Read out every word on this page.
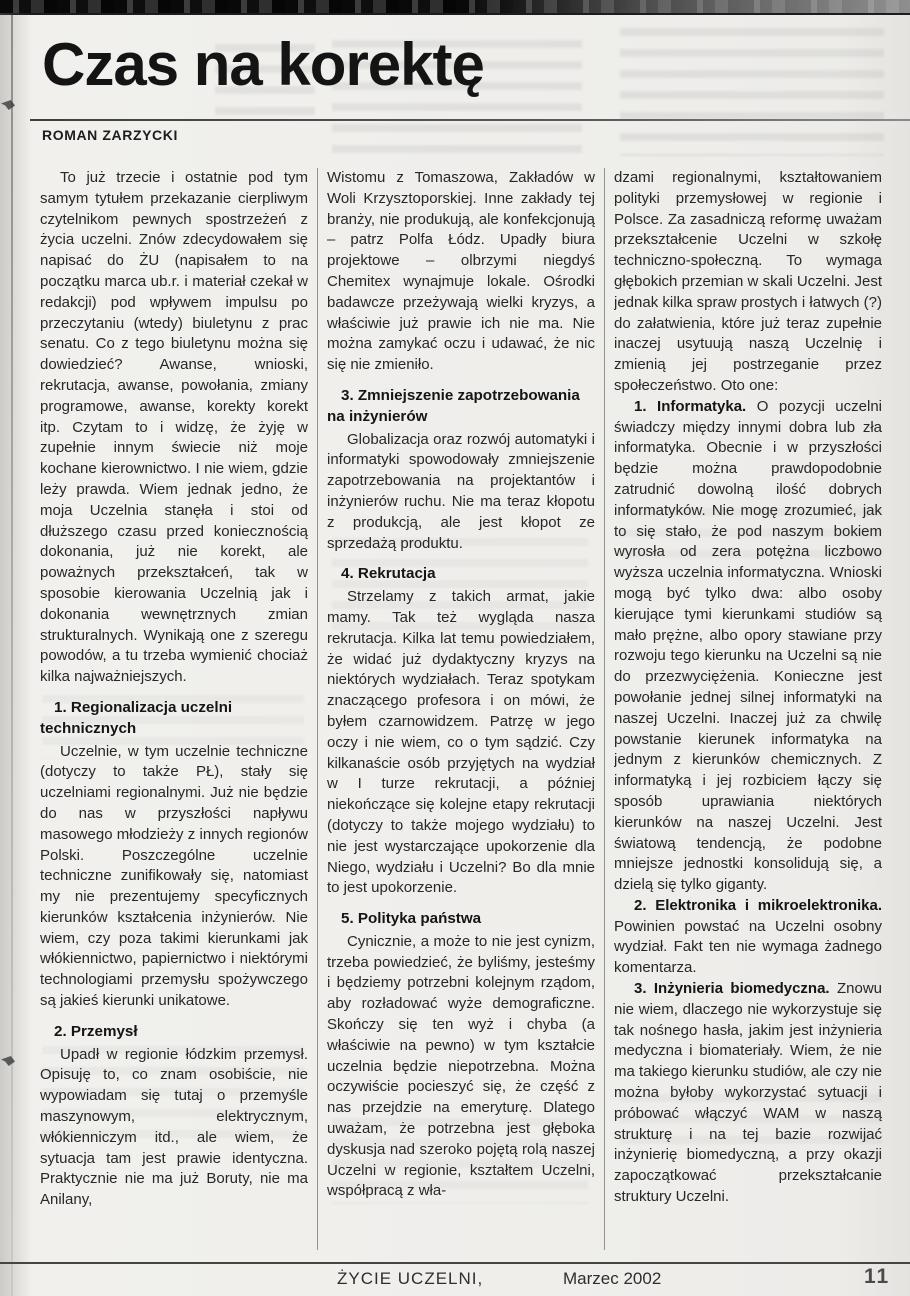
Czas na korektę
ROMAN ZARZYCKI

To już trzecie i ostatnie pod tym samym tytułem przekazanie cierpliwym czytelnikom pewnych spostrzeżeń z życia uczelni. Znów zdecydowałem się napisać do ŻU (napisałem to na początku marca ub.r. i materiał czekał w redakcji) pod wpływem impulsu po przeczytaniu (wtedy) biuletynu z prac senatu. Co z tego biuletynu można się dowiedzieć? Awanse, wnioski, rekrutacja, awanse, powołania, zmiany programowe, awanse, korekty korekt itp. Czytam to i widzę, że żyję w zupełnie innym świecie niż moje kochane kierownictwo. I nie wiem, gdzie leży prawda. Wiem jednak jedno, że moja Uczelnia stanęła i stoi od dłuższego czasu przed koniecznością dokonania, już nie korekt, ale poważnych przekształceń, tak w sposobie kierowania Uczelnią jak i dokonania wewnętrznych zmian strukturalnych. Wynikają one z szeregu powodów, a tu trzeba wymienić chociaż kilka najważniejszych.

1. Regionalizacja uczelni technicznych

Uczelnie, w tym uczelnie techniczne (dotyczy to także PŁ), stały się uczelniami regionalnymi. Już nie będzie do nas w przyszłości napływu masowego młodzieży z innych regionów Polski. Poszczególne uczelnie techniczne zunifikowały się, natomiast my nie prezentujemy specyficznych kierunków kształcenia inżynierów. Nie wiem, czy poza takimi kierunkami jak włókiennictwo, papiernictwo i niektórymi technologiami przemysłu spożywczego są jakieś kierunki unikatowe.

2. Przemysł

Upadł w regionie łódzkim przemysł. Opisuję to, co znam osobiście, nie wypowiadam się tutaj o przemyśle maszynowym, elektrycznym, włókienniczym itd., ale wiem, że sytuacja tam jest prawie identyczna. Praktycznie nie ma już Boruty, nie ma Anilany,

Wistomu z Tomaszowa, Zakładów w Woli Krzysztoporskiej. Inne zakłady tej branży, nie produkują, ale konfekcjonują – patrz Polfa Łódz. Upadły biura projektowe – olbrzymi niegdyś Chemitex wynajmuje lokale. Ośrodki badawcze przeżywają wielki kryzys, a właściwie już prawie ich nie ma. Nie można zamykać oczu i udawać, że nic się nie zmieniło.

3. Zmniejszenie zapotrzebowania na inżynierów

Globalizacja oraz rozwój automatyki i informatyki spowodowały zmniejszenie zapotrzebowania na projektantów i inżynierów ruchu. Nie ma teraz kłopotu z produkcją, ale jest kłopot ze sprzedażą produktu.

4. Rekrutacja

Strzelamy z takich armat, jakie mamy. Tak też wygląda nasza rekrutacja. Kilka lat temu powiedziałem, że widać już dydaktyczny kryzys na niektórych wydziałach. Teraz spotykam znaczącego profesora i on mówi, że byłem czarnowidzem. Patrzę w jego oczy i nie wiem, co o tym sądzić. Czy kilkanaście osób przyjętych na wydział w I turze rekrutacji, a później niekończące się kolejne etapy rekrutacji (dotyczy to także mojego wydziału) to nie jest wystarczające upokorzenie dla Niego, wydziału i Uczelni? Bo dla mnie to jest upokorzenie.

5. Polityka państwa

Cynicznie, a może to nie jest cynizm, trzeba powiedzieć, że byliśmy, jesteśmy i będziemy potrzebni kolejnym rządom, aby rozładować wyże demograficzne. Skończy się ten wyż i chyba (a właściwie na pewno) w tym kształcie uczelnia będzie niepotrzebna. Można oczywiście pocieszyć się, że część z nas przejdzie na emeryturę. Dlatego uważam, że potrzebna jest głęboka dyskusja nad szeroko pojętą rolą naszej Uczelni w regionie, kształtem Uczelni, współpracą z wła-

dzami regionalnymi, kształtowaniem polityki przemysłowej w regionie i Polsce. Za zasadniczą reformę uważam przekształcenie Uczelni w szkołę techniczno-społeczną. To wymaga głębokich przemian w skali Uczelni. Jest jednak kilka spraw prostych i łatwych (?) do załatwienia, które już teraz zupełnie inaczej usytuują naszą Uczelnię i zmienią jej postrzeganie przez społeczeństwo. Oto one:

1. Informatyka. O pozycji uczelni świadczy między innymi dobra lub zła informatyka. Obecnie i w przyszłości będzie można prawdopodobnie zatrudnić dowolną ilość dobrych informatyków. Nie mogę zrozumieć, jak to się stało, że pod naszym bokiem wyrosła od zera potężna liczbowo wyższa uczelnia informatyczna. Wnioski mogą być tylko dwa: albo osoby kierujące tymi kierunkami studiów są mało prężne, albo opory stawiane przy rozwoju tego kierunku na Uczelni są nie do przezwyciężenia. Konieczne jest powołanie jednej silnej informatyki na naszej Uczelni. Inaczej już za chwilę powstanie kierunek informatyka na jednym z kierunków chemicznych. Z informatyką i jej rozbiciem łączy się sposób uprawiania niektórych kierunków na naszej Uczelni. Jest światową tendencją, że podobne mniejsze jednostki konsolidują się, a dzielą się tylko giganty.

2. Elektronika i mikroelektronika. Powinien powstać na Uczelni osobny wydział. Fakt ten nie wymaga żadnego komentarza.

3. Inżynieria biomedyczna. Znowu nie wiem, dlaczego nie wykorzystuje się tak nośnego hasła, jakim jest inżynieria medyczna i biomateriały. Wiem, że nie ma takiego kierunku studiów, ale czy nie można byłoby wykorzystać sytuacji i próbować włączyć WAM w naszą strukturę i na tej bazie rozwijać inżynierię biomedyczną, a przy okazji zapoczątkować przekształcanie struktury Uczelni.

ŻYCIE UCZELNI,	Marzec 2002	11
